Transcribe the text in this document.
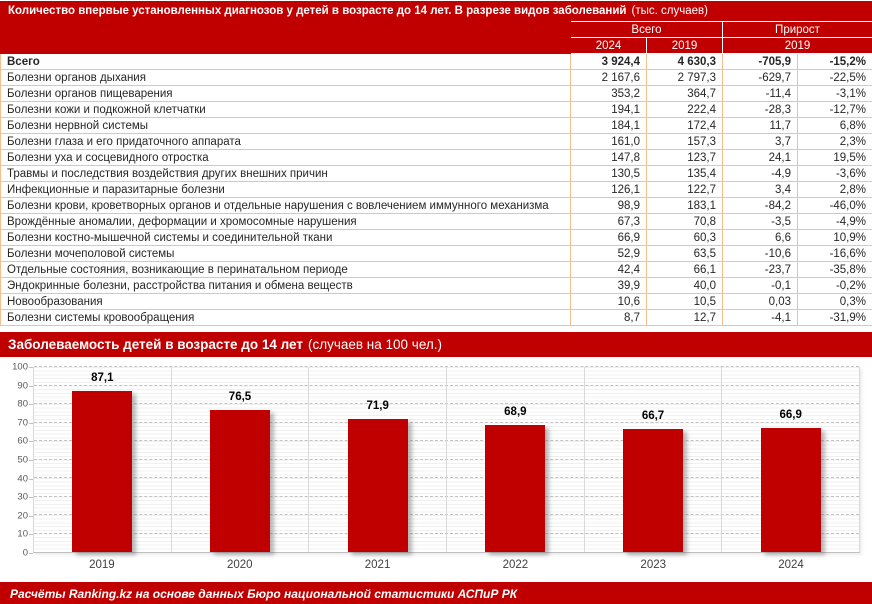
Количество впервые установленных диагнозов у детей в возрасте до 14 лет. В разрезе видов заболеваний (тыс. случаев)
	Всего		Прирост	
	2024	2019	2019	
Всего	3 924,4	4 630,3	-705,9	-15,2%
Болезни органов дыхания	2 167,6	2 797,3	-629,7	-22,5%
Болезни органов пищеварения	353,2	364,7	-11,4	-3,1%
Болезни кожи и подкожной клетчатки	194,1	222,4	-28,3	-12,7%
Болезни нервной системы	184,1	172,4	11,7	6,8%
Болезни глаза и его придаточного аппарата	161,0	157,3	3,7	2,3%
Болезни уха и сосцевидного отростка	147,8	123,7	24,1	19,5%
Травмы и последствия воздействия других внешних причин	130,5	135,4	-4,9	-3,6%
Инфекционные и паразитарные болезни	126,1	122,7	3,4	2,8%
Болезни крови, кроветворных органов и отдельные нарушения с вовлечением иммунного механизма	98,9	183,1	-84,2	-46,0%
Врождённые аномалии, деформации и хромосомные нарушения	67,3	70,8	-3,5	-4,9%
Болезни костно-мышечной системы и соединительной ткани	66,9	60,3	6,6	10,9%
Болезни мочеполовой системы	52,9	63,5	-10,6	-16,6%
Отдельные состояния, возникающие в перинатальном периоде	42,4	66,1	-23,7	-35,8%
Эндокринные болезни, расстройства питания и обмена веществ	39,9	40,0	-0,1	-0,2%
Новообразования	10,6	10,5	0,03	0,3%
Болезни системы кровообращения	8,7	12,7	-4,1	-31,9%
Заболеваемость детей в возрасте до 14 лет (случаев на 100 чел.)
87,1
76,5
71,9	68,9	66,7	66,9
0
10
20
30
40
50
60
70
80
90
100
2019	2020	2021	2022	2023	2024
Расчёты Ranking.kz на основе данных Бюро национальной статистики АСПиР РК
